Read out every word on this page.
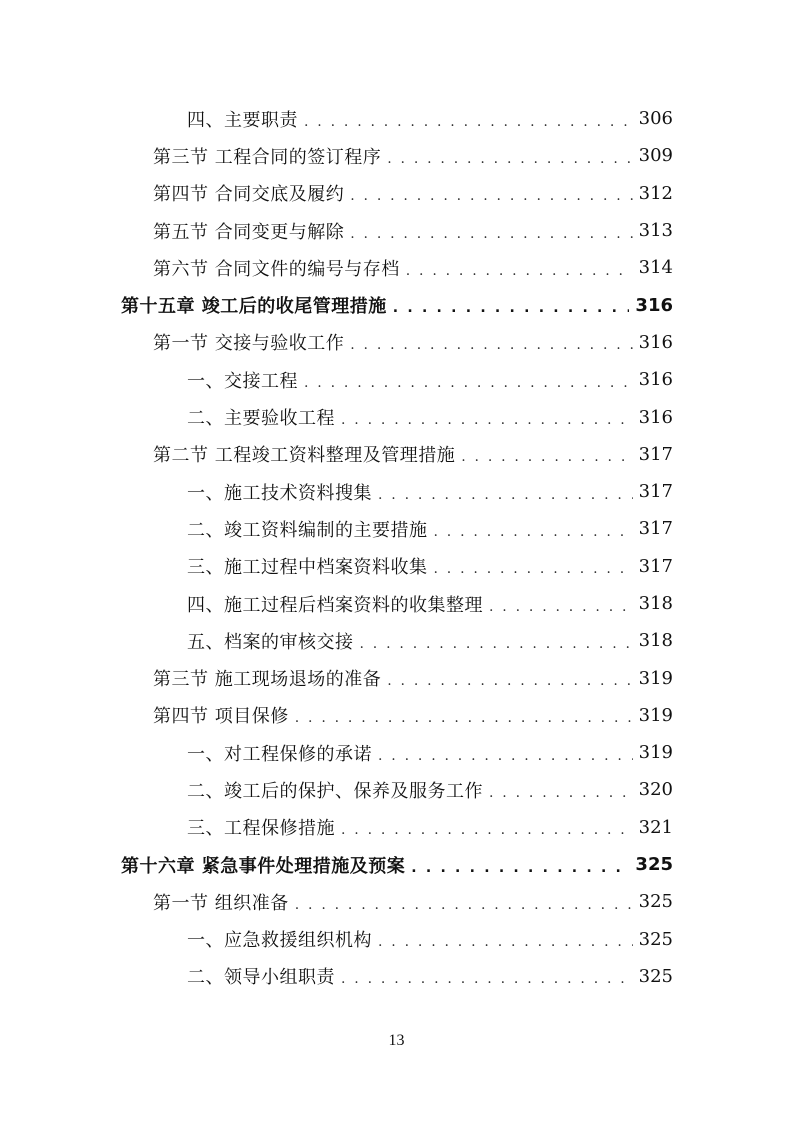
四、主要职责 . . .	306
第三节 工程合同的签订程序 . . .	309
第四节 合同交底及履约 . . .	312
第五节 合同变更与解除 . . .	313
第六节 合同文件的编号与存档 . . .	314
第十五章 竣工后的收尾管理措施 . . .	316
第一节 交接与验收工作 . . .	316
一、交接工程 . . .	316
二、主要验收工程 . . .	316
第二节 工程竣工资料整理及管理措施 . . .	317
一、施工技术资料搜集 . . .	317
二、竣工资料编制的主要措施 . . .	317
三、施工过程中档案资料收集 . . .	317
四、施工过程后档案资料的收集整理 . . .	318
五、档案的审核交接 . . .	318
第三节 施工现场退场的准备 . . .	319
第四节 项目保修 . . .	319
一、对工程保修的承诺 . . .	319
二、竣工后的保护、保养及服务工作 . . .	320
三、工程保修措施 . . .	321
第十六章 紧急事件处理措施及预案 . . .	325
第一节 组织准备 . . .	325
一、应急救援组织机构 . . .	325
二、领导小组职责 . . .	325
13
